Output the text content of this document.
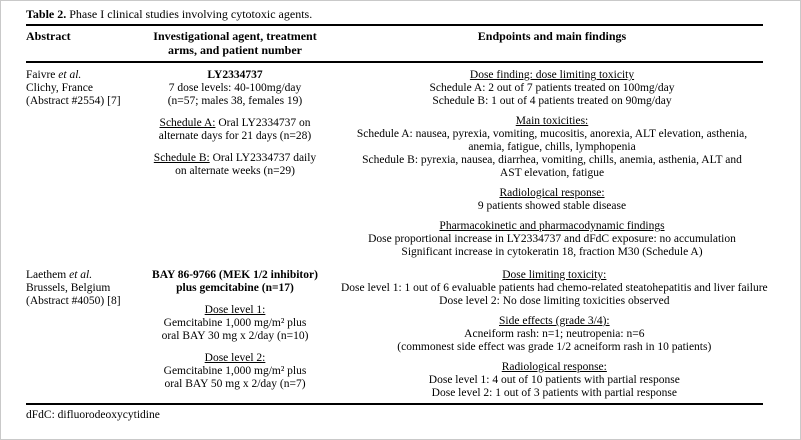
Table 2. Phase I clinical studies involving cytotoxic agents.
Abstract	Investigational agent, treatment
arms, and patient number
Endpoints and main findings
Faivre et al.
Clichy, France
(Abstract #2554) [7]
LY2334737
7 dose levels: 40-100mg/day
(n=57; males 38, females 19)
Schedule A: Oral LY2334737 on
alternate days for 21 days (n=28)
Schedule B: Oral LY2334737 daily
on alternate weeks (n=29)
Dose finding: dose limiting toxicity
Schedule A: 2 out of 7 patients treated on 100mg/day
Schedule B: 1 out of 4 patients treated on 90mg/day
Main toxicities:
Schedule A: nausea, pyrexia, vomiting, mucositis, anorexia, ALT elevation, asthenia,
anemia, fatigue, chills, lymphopenia
Schedule B: pyrexia, nausea, diarrhea, vomiting, chills, anemia, asthenia, ALT and
AST elevation, fatigue
Radiological response:
9 patients showed stable disease
Pharmacokinetic and pharmacodynamic findings
Dose proportional increase in LY2334737 and dFdC exposure: no accumulation
Significant increase in cytokeratin 18, fraction M30 (Schedule A)
Laethem et al.
Brussels, Belgium
(Abstract #4050) [8]
BAY 86-9766 (MEK 1/2 inhibitor)
plus gemcitabine (n=17)
Dose level 1:
Gemcitabine 1,000 mg/m² plus
oral BAY 30 mg x 2/day (n=10)
Dose level 2:
Gemcitabine 1,000 mg/m² plus
oral BAY 50 mg x 2/day (n=7)
Dose limiting toxicity:
Dose level 1: 1 out of 6 evaluable patients had chemo-related steatohepatitis and liver failure
Dose level 2: No dose limiting toxicities observed
Side effects (grade 3/4):
Acneiform rash: n=1; neutropenia: n=6
(commonest side effect was grade 1/2 acneiform rash in 10 patients)
Radiological response:
Dose level 1: 4 out of 10 patients with partial response
Dose level 2: 1 out of 3 patients with partial response
dFdC: difluorodeoxycytidine
